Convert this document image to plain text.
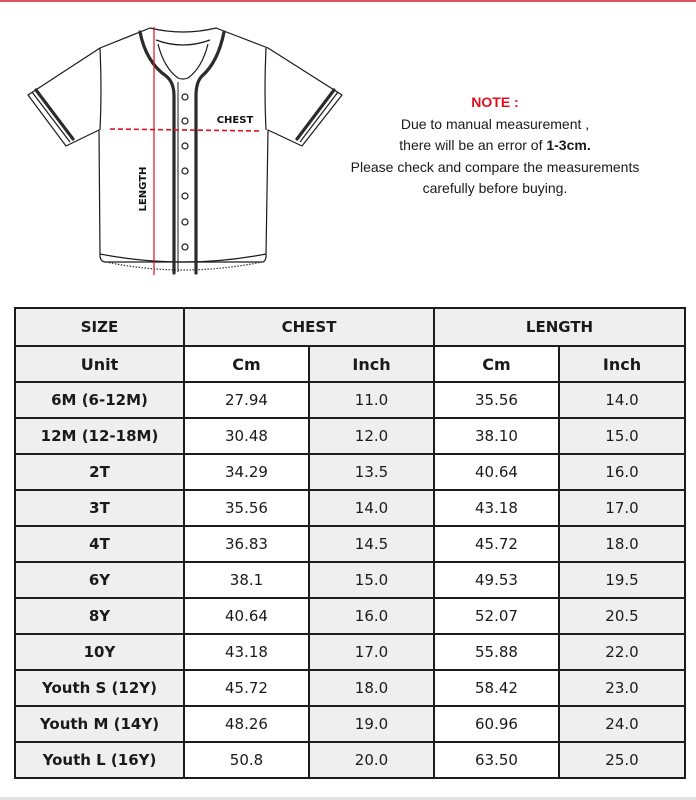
CHEST
LENGTH
NOTE :
Due to manual measurement ,
there will be an error of 1-3cm.
Please check and compare the measurements
carefully before buying.
SIZE	CHEST		LENGTH	
Unit	Cm	Inch	Cm	Inch
6M (6-12M)	27.94	11.0	35.56	14.0
12M (12-18M)	30.48	12.0	38.10	15.0
2T	34.29	13.5	40.64	16.0
3T	35.56	14.0	43.18	17.0
4T	36.83	14.5	45.72	18.0
6Y	38.1	15.0	49.53	19.5
8Y	40.64	16.0	52.07	20.5
10Y	43.18	17.0	55.88	22.0
Youth S (12Y)	45.72	18.0	58.42	23.0
Youth M (14Y)	48.26	19.0	60.96	24.0
Youth L (16Y)	50.8	20.0	63.50	25.0
